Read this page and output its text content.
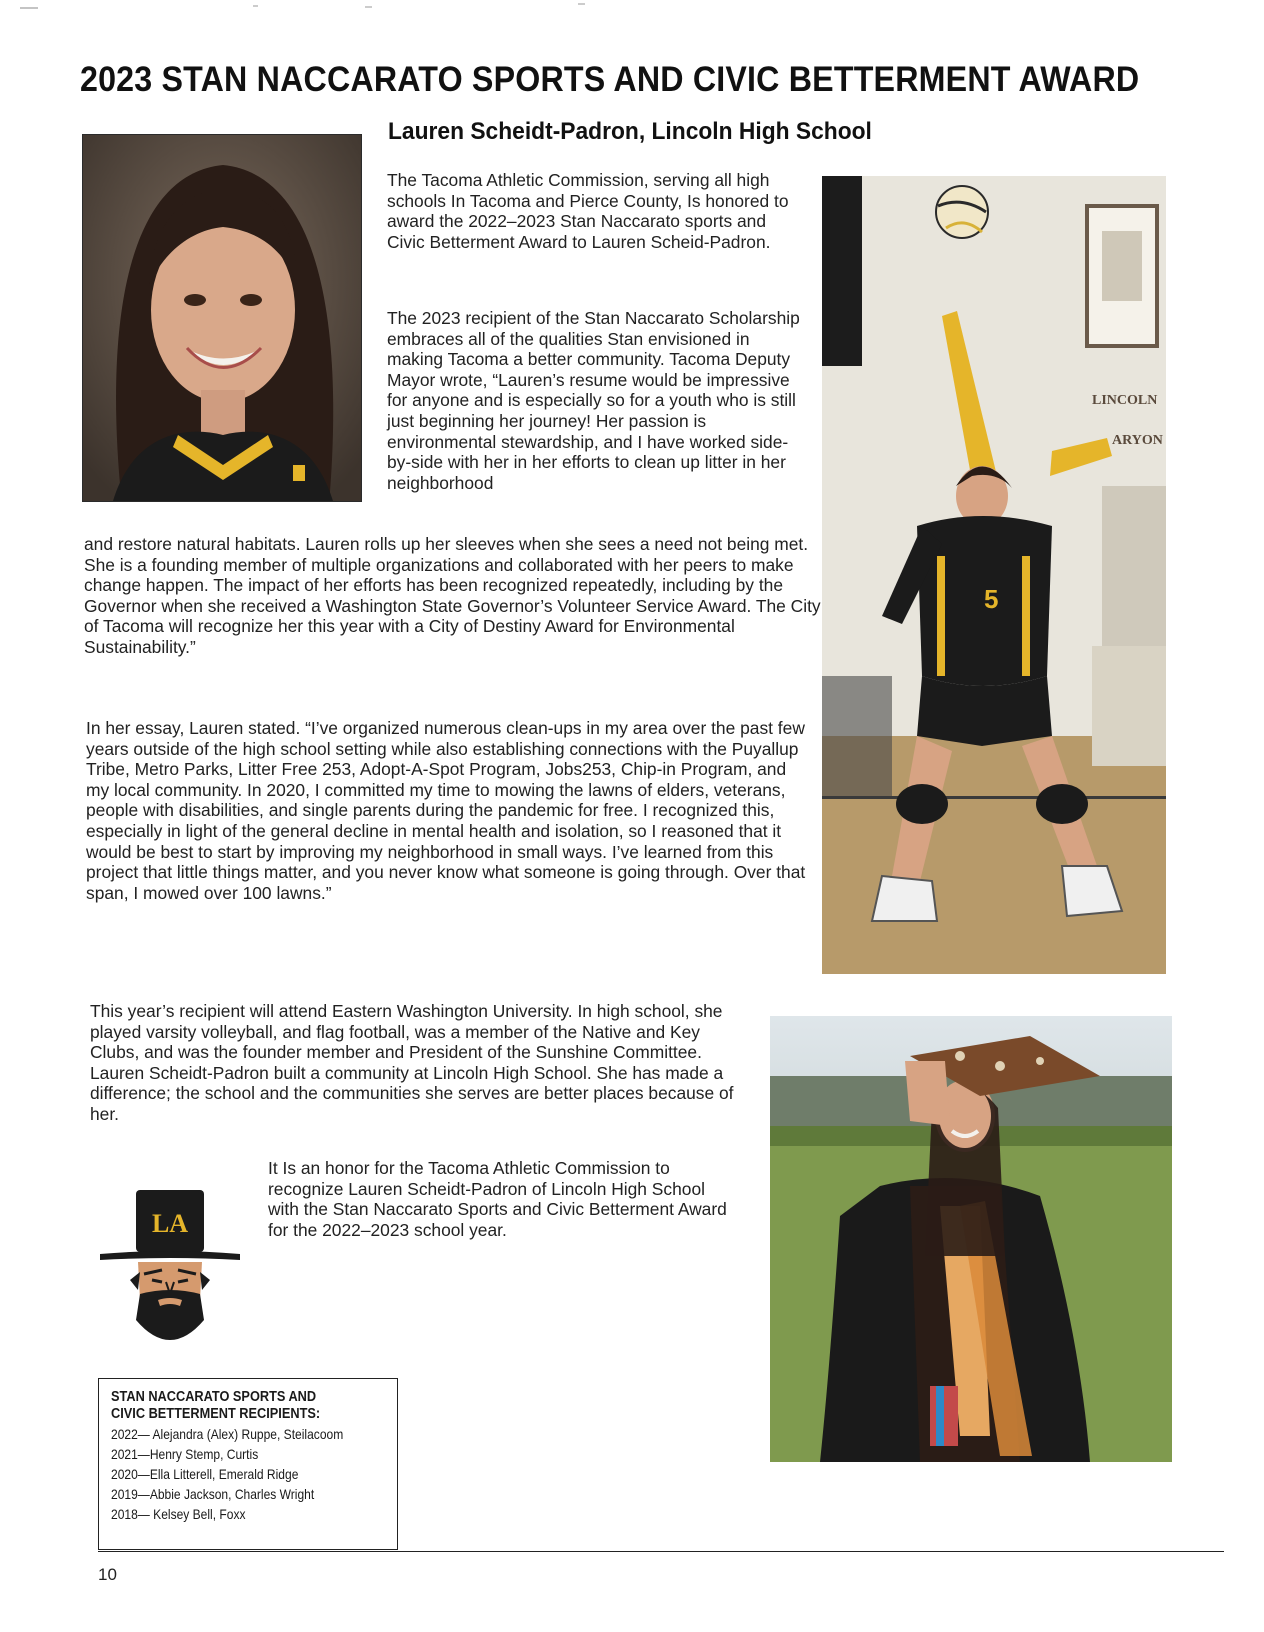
2023 STAN NACCARATO SPORTS AND CIVIC BETTERMENT AWARD
Lauren Scheidt-Padron, Lincoln High School
The Tacoma Athletic Commission, serving all high schools In Tacoma and Pierce County, Is honored to award the 2022–2023 Stan Naccarato sports and Civic Betterment Award to Lauren Scheid-Padron.
The 2023 recipient of the Stan Naccarato Scholarship embraces all of the qualities Stan envisioned in making Tacoma a better community. Tacoma Deputy Mayor wrote, “Lauren’s resume would be impressive for anyone and is especially so for a youth who is still just beginning her journey! Her passion is environmental stewardship, and I have worked side-by-side with her in her efforts to clean up litter in her neighborhood
and restore natural habitats. Lauren rolls up her sleeves when she sees a need not being met. She is a founding member of multiple organizations and collaborated with her peers to make change happen. The impact of her efforts has been recognized repeatedly, including by the Governor when she received a Washington State Governor’s Volunteer Service Award. The City of Tacoma will recognize her this year with a City of Destiny Award for Environmental Sustainability.”
In her essay, Lauren stated. “I’ve organized numerous clean-ups in my area over the past few years outside of the high school setting while also establishing connections with the Puyallup Tribe, Metro Parks, Litter Free 253, Adopt-A-Spot Program, Jobs253, Chip-in Program, and my local community. In 2020, I committed my time to mowing the lawns of elders, veterans, people with disabilities, and single parents during the pandemic for free. I recognized this, especially in light of the general decline in mental health and isolation, so I reasoned that it would be best to start by improving my neighborhood in small ways. I’ve learned from this project that little things matter, and you never know what someone is going through. Over that span, I mowed over 100 lawns.”
This year’s recipient will attend Eastern Washington University. In high school, she played varsity volleyball, and flag football, was a member of the Native and Key Clubs, and was the founder member and President of the Sunshine Committee. Lauren Scheidt-Padron built a community at Lincoln High School. She has made a difference; the school and the communities she serves are better places because of her.
It Is an honor for the Tacoma Athletic Commission to recognize Lauren Scheidt-Padron of Lincoln High School with the Stan Naccarato Sports and Civic Betterment Award for the 2022–2023 school year.
LINCOLN
ARYON
5
LA
STAN NACCARATO SPORTS AND
CIVIC BETTERMENT RECIPIENTS:
2022— Alejandra (Alex) Ruppe, Steilacoom
2021—Henry Stemp, Curtis
2020—Ella Litterell, Emerald Ridge
2019—Abbie Jackson, Charles Wright
2018— Kelsey Bell, Foxx
10
